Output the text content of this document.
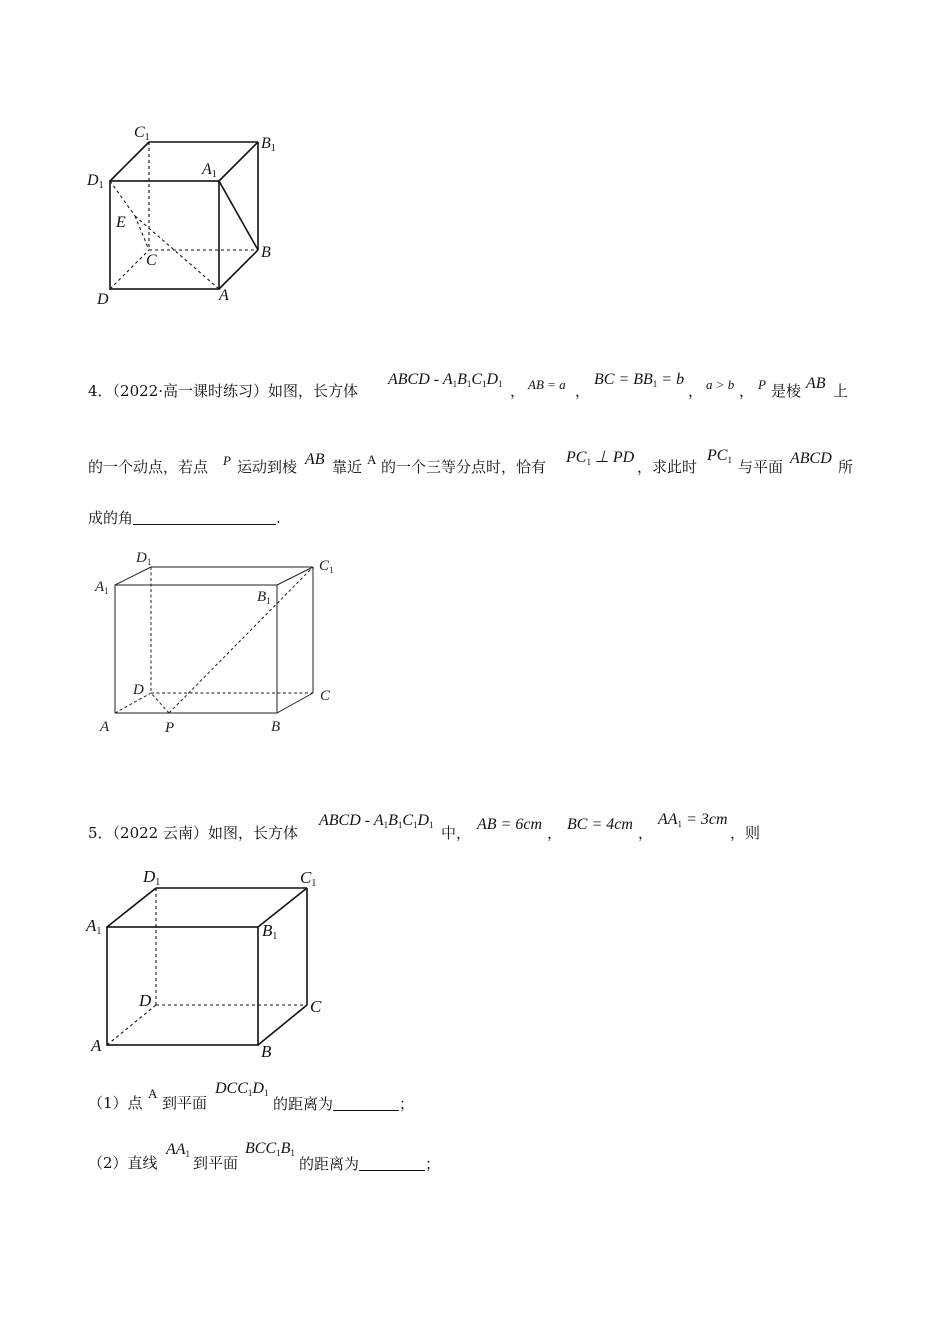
C1	B1
A1
D1
E
C	B
D	A
4．（2022·高一课时练习）如图，长方体
ABCD - $A_1B_1C_1D_1$ ， AB = a ，
BC = $BB_1 = b$
， a > b ， P 是棱 AB 上
的一个动点，若点 P 运动到棱 AB 靠近 A 的一个三等分点时，恰有
$PC_1$ ⊥ PD
，求此时
$PC_1$ 与平面 ABCD 所
成的角	.
$D_1$	$C_1$
$A_1$	$B_1$
D	C
A	P	B
5．（2022 云南）如图，长方体
ABCD - $A_1B_1C_1D_1$ 中， AB = 6cm ， BC = 4cm ，
$AA_1 = 3cm$
，则
D1	C1
A1	B1
D	C
A	B
（1）点
A
到平面
$DCC_1D_1$
的距离为	；
（2）直线
$AA_1$ 到平面
$BCC_1B_1$
的距离为	；
